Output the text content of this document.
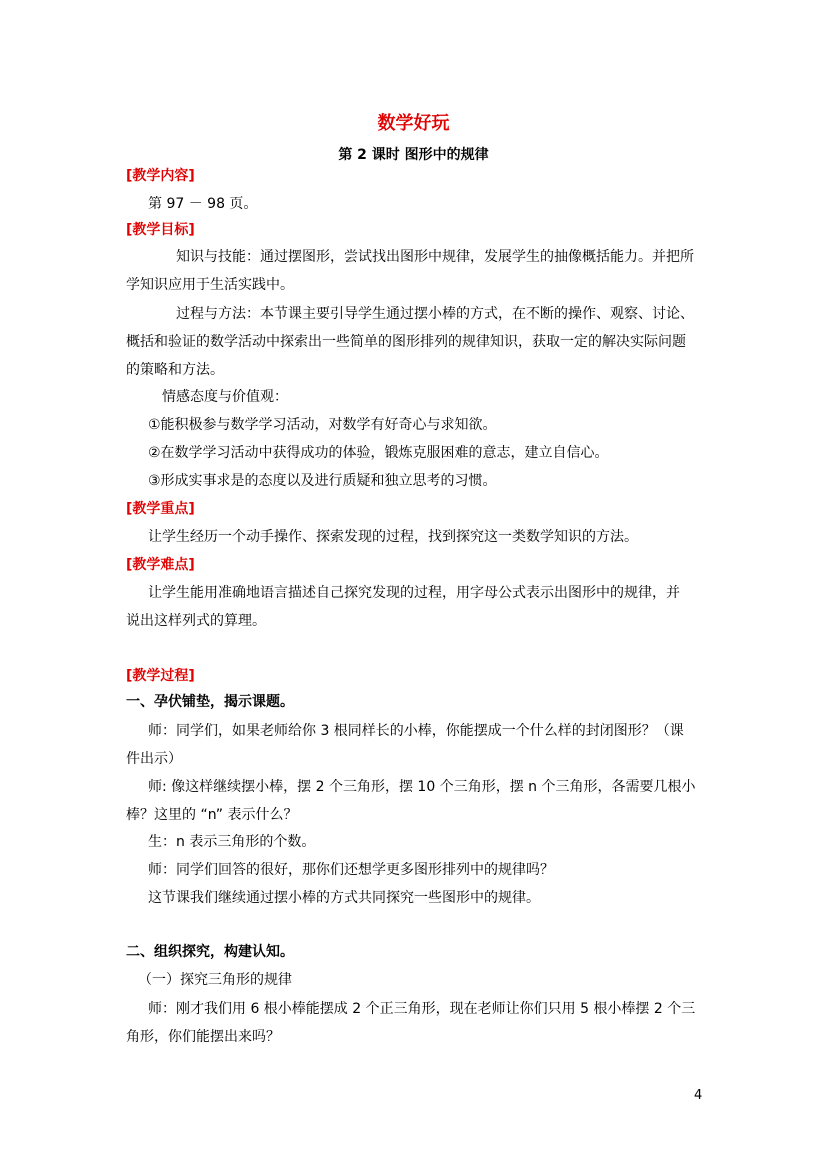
数学好玩
第 2 课时 图形中的规律
[教学内容]
第 97 － 98 页。
[教学目标]
知识与技能：通过摆图形，尝试找出图形中规律，发展学生的抽像概括能力。并把所
学知识应用于生活实践中。
过程与方法：本节课主要引导学生通过摆小棒的方式，在不断的操作、观察、讨论、
概括和验证的数学活动中探索出一些简单的图形排列的规律知识，获取一定的解决实际问题
的策略和方法。
情感态度与价值观：
①能积极参与数学学习活动，对数学有好奇心与求知欲。
②在数学学习活动中获得成功的体验，锻炼克服困难的意志，建立自信心。
③形成实事求是的态度以及进行质疑和独立思考的习惯。
[教学重点]
让学生经历一个动手操作、探索发现的过程，找到探究这一类数学知识的方法。
[教学难点]
让学生能用准确地语言描述自己探究发现的过程，用字母公式表示出图形中的规律，并
说出这样列式的算理。
[教学过程]
一、孕伏铺垫，揭示课题。
师：同学们，如果老师给你 3 根同样长的小棒，你能摆成一个什么样的封闭图形？（课
件出示）
师: 像这样继续摆小棒，摆 2 个三角形，摆 10 个三角形，摆 n 个三角形，各需要几根小
棒？这里的 “n” 表示什么？
生：n 表示三角形的个数。
师：同学们回答的很好，那你们还想学更多图形排列中的规律吗？
这节课我们继续通过摆小棒的方式共同探究一些图形中的规律。
二、组织探究，构建认知。
（一）探究三角形的规律
师：刚才我们用 6 根小棒能摆成 2 个正三角形，现在老师让你们只用 5 根小棒摆 2 个三
角形，你们能摆出来吗？
4
